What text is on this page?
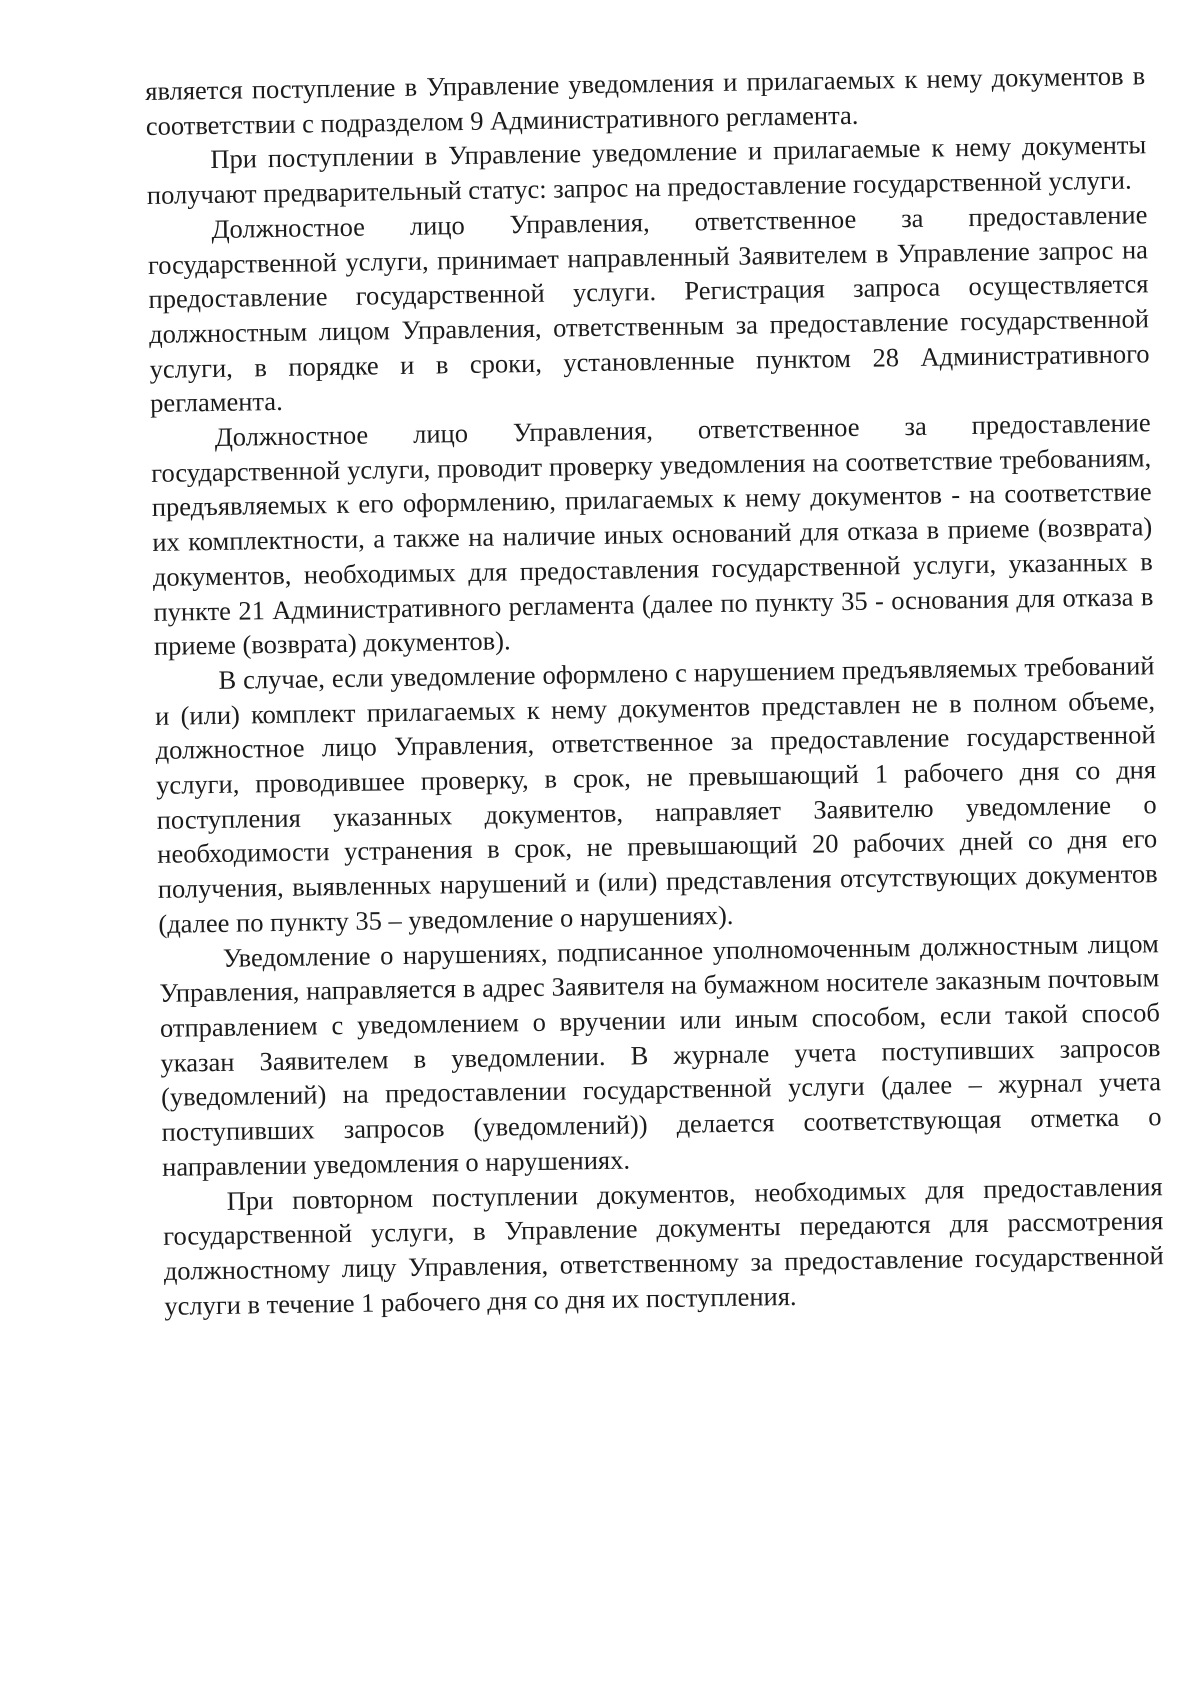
является поступление в Управление уведомления и прилагаемых к нему документов в соответствии с подразделом 9 Административного регламента.

При поступлении в Управление уведомление и прилагаемые к нему документы получают предварительный статус: запрос на предоставление государственной услуги.

Должностное лицо Управления, ответственное за предоставление государственной услуги, принимает направленный Заявителем в Управление запрос на предоставление государственной услуги. Регистрация запроса осуществляется должностным лицом Управления, ответственным за предоставление государственной услуги, в порядке и в сроки, установленные пунктом 28 Административного регламента.

Должностное лицо Управления, ответственное за предоставление государственной услуги, проводит проверку уведомления на соответствие требованиям, предъявляемых к его оформлению, прилагаемых к нему документов - на соответствие их комплектности, а также на наличие иных оснований для отказа в приеме (возврата) документов, необходимых для предоставления государственной услуги, указанных в пункте 21 Административного регламента (далее по пункту 35 - основания для отказа в приеме (возврата) документов).

В случае, если уведомление оформлено с нарушением предъявляемых требований и (или) комплект прилагаемых к нему документов представлен не в полном объеме, должностное лицо Управления, ответственное за предоставление государственной услуги, проводившее проверку, в срок, не превышающий 1 рабочего дня со дня поступления указанных документов, направляет Заявителю уведомление о необходимости устранения в срок, не превышающий 20 рабочих дней со дня его получения, выявленных нарушений и (или) представления отсутствующих документов (далее по пункту 35 – уведомление о нарушениях).

Уведомление о нарушениях, подписанное уполномоченным должностным лицом Управления, направляется в адрес Заявителя на бумажном носителе заказным почтовым отправлением с уведомлением о вручении или иным способом, если такой способ указан Заявителем в уведомлении. В журнале учета поступивших запросов (уведомлений) на предоставлении государственной услуги (далее – журнал учета поступивших запросов (уведомлений)) делается соответствующая отметка о направлении уведомления о нарушениях.

При повторном поступлении документов, необходимых для предоставления государственной услуги, в Управление документы передаются для рассмотрения должностному лицу Управления, ответственному за предоставление государственной услуги в течение 1 рабочего дня со дня их поступления.
